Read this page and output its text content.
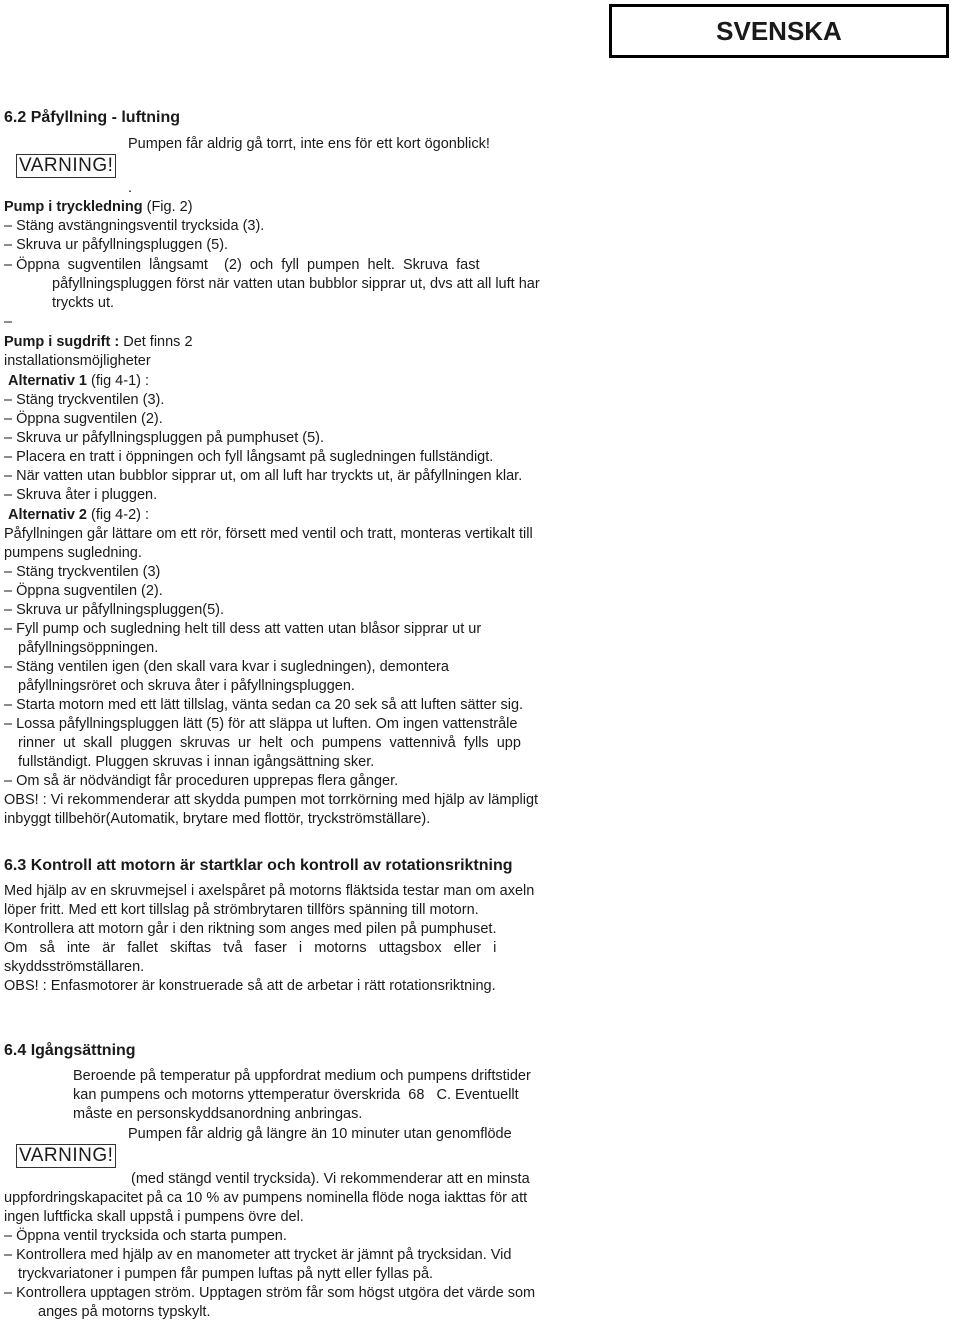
SVENSKA
6.2 Påfyllning - luftning
Pumpen får aldrig gå torrt, inte ens för ett kort ögonblick!
VARNING!
.
Pump i tryckledning (Fig. 2)
– Stäng avstängningsventil trycksida (3).
– Skruva ur påfyllningspluggen (5).
– Öppna  sugventilen  långsamt    (2)  och  fyll  pumpen  helt.  Skruva  fast
påfyllningspluggen först när vatten utan bubblor sipprar ut, dvs att all luft har
tryckts ut.
–
Pump i sugdrift : Det finns 2
installationsmöjligheter
Alternativ 1 (fig 4-1) :
– Stäng tryckventilen (3).
– Öppna sugventilen (2).
– Skruva ur påfyllningspluggen på pumphuset (5).
– Placera en tratt i öppningen och fyll långsamt på sugledningen fullständigt.
– När vatten utan bubblor sipprar ut, om all luft har tryckts ut, är påfyllningen klar.
– Skruva åter i pluggen.
Alternativ 2 (fig 4-2) :
Påfyllningen går lättare om ett rör, försett med ventil och tratt, monteras vertikalt till
pumpens sugledning.
– Stäng tryckventilen (3)
– Öppna sugventilen (2).
– Skruva ur påfyllningspluggen(5).
– Fyll pump och sugledning helt till dess att vatten utan blåsor sipprar ut ur
påfyllningsöppningen.
– Stäng ventilen igen (den skall vara kvar i sugledningen), demontera
påfyllningsröret och skruva åter i påfyllningspluggen.
– Starta motorn med ett lätt tillslag, vänta sedan ca 20 sek så att luften sätter sig.
– Lossa påfyllningspluggen lätt (5) för att släppa ut luften. Om ingen vattenstråle
rinner  ut  skall  pluggen  skruvas  ur  helt  och  pumpens  vattennivå  fylls  upp
fullständigt. Pluggen skruvas i innan igångsättning sker.
– Om så är nödvändigt får proceduren upprepas flera gånger.
OBS! : Vi rekommenderar att skydda pumpen mot torrkörning med hjälp av lämpligt
inbyggt tillbehör(Automatik, brytare med flottör, tryckströmställare).
6.3 Kontroll att motorn är startklar och kontroll av rotationsriktning
Med hjälp av en skruvmejsel i axelspåret på motorns fläktsida testar man om axeln
löper fritt. Med ett kort tillslag på strömbrytaren tillförs spänning till motorn.
Kontrollera att motorn går i den riktning som anges med pilen på pumphuset.
Om   så   inte   är   fallet   skiftas   två   faser   i   motorns   uttagsbox   eller   i
skyddsströmställaren.
OBS! : Enfasmotorer är konstruerade så att de arbetar i rätt rotationsriktning.
6.4 Igångsättning
Beroende på temperatur på uppfordrat medium och pumpens driftstider
kan pumpens och motorns yttemperatur överskrida  68   C. Eventuellt
måste en personskyddsanordning anbringas.
Pumpen får aldrig gå längre än 10 minuter utan genomflöde
VARNING!
(med stängd ventil trycksida). Vi rekommenderar att en minsta
uppfordringskapacitet på ca 10 % av pumpens nominella flöde noga iakttas för att
ingen luftficka skall uppstå i pumpens övre del.
– Öppna ventil trycksida och starta pumpen.
– Kontrollera med hjälp av en manometer att trycket är jämnt på trycksidan. Vid
tryckvariatoner i pumpen får pumpen luftas på nytt eller fyllas på.
– Kontrollera upptagen ström. Upptagen ström får som högst utgöra det värde som
anges på motorns typskylt.
